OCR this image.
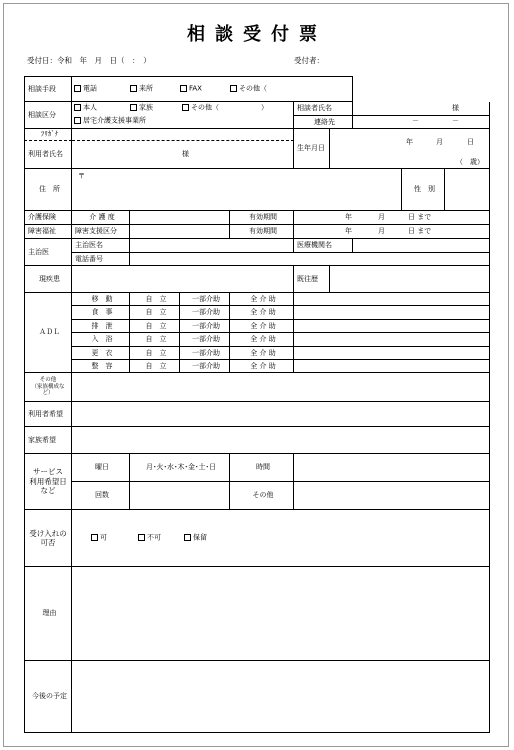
相談受付票
受付日：令和　年　月　日（　：　）	受付者：
相談手段	電話	来所	FAX	その他（
相談区分
本人	家族	その他（　　　　　　）
居宅介護支援事業所
相談者氏名	様
連絡先	－	－
ﾌﾘｶﾞﾅ
利用者氏名	様
生年月日
年	月	日
（　歳）
住　所
〒
性　別
介護保険	介 護 度	有効期間	年	月	日 まで
障害福祉	障害支援区分	有効期間	年	月	日 まで
主治医
主治医名	医療機関名
電話番号
現疾患	既往歴
ＡＤＬ
移　動	自　立	一部介助	全 介 助
食　事	自　立	一部介助	全 介 助
排　泄	自　立	一部介助	全 介 助
入　浴	自　立	一部介助	全 介 助
更　衣	自　立	一部介助	全 介 助
整　容	自　立	一部介助	全 介 助
その他
（家族構成な
ど）
利用者希望
家族希望
サービス
利用希望日
など
曜日	月･火･水･木･金･土･日	時間
回数	その他
受け入れの
可否
可	不可	保留
理由
今後の予定
